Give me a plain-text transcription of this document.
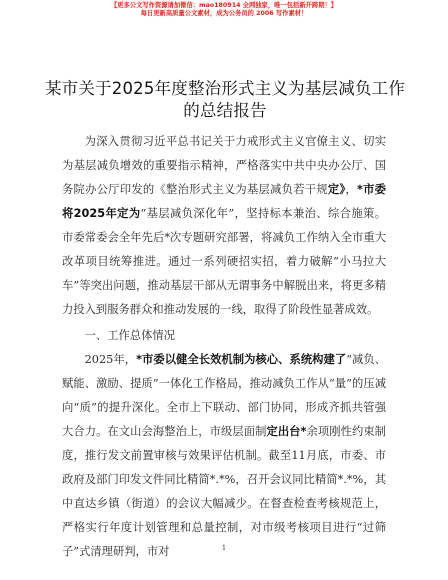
【更多公文写作资源请加微信：mao180914 全网独家，唯一包括新开跨期！】
每日更新高质量公文素材，成为公务员的 2006 写作素材！
某市关于2025年度整治形式主义为基层减负工作的总结报告

为深入贯彻习近平总书记关于力戒形式主义官僚主义、切实为基层减负增效的重要指示精神，严格落实中共中央办公厅、国务院办公厅印发的《整治形式主义为基层减负若干规定》，*市委将2025年定为“基层减负深化年”，坚持标本兼治、综合施策。市委常委会全年先后*次专题研究部署，将减负工作纳入全市重大改革项目统筹推进。通过一系列硬招实招，着力破解“小马拉大车”等突出问题，推动基层干部从无谓事务中解脱出来，将更多精力投入到服务群众和推动发展的一线，取得了阶段性显著成效。

一、工作总体情况

2025年，*市委以健全长效机制为核心、系统构建了“减负、赋能、激励、提质”一体化工作格局，推动减负工作从“量”的压减向“质”的提升深化。全市上下联动、部门协同，形成齐抓共管强大合力。在文山会海整治上，市级层面制定出台*余项刚性约束制度，推行发文前置审核与效果评估机制。截至11月底，市委、市政府及部门印发文件同比精简*.*%，召开会议同比精简*.*%，其中直达乡镇（街道）的会议大幅减少。在督查检查考核规范上，严格实行年度计划管理和总量控制，对市级考核项目进行“过筛子”式清理研判，市对	1
